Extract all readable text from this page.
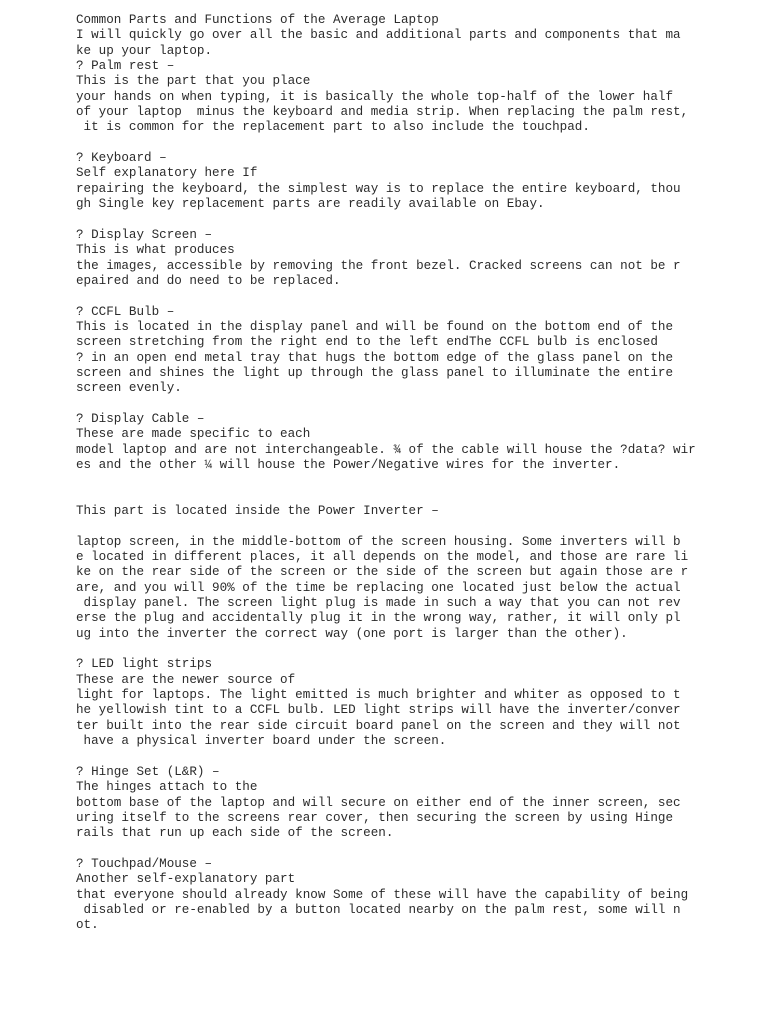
Common Parts and Functions of the Average Laptop
I will quickly go over all the basic and additional parts and components that ma
ke up your laptop.
? Palm rest –
This is the part that you place
your hands on when typing, it is basically the whole top-half of the lower half
of your laptop  minus the keyboard and media strip. When replacing the palm rest,
it is common for the replacement part to also include the touchpad.
? Keyboard –
Self explanatory here If
repairing the keyboard, the simplest way is to replace the entire keyboard, thou
gh Single key replacement parts are readily available on Ebay.
? Display Screen –
This is what produces
the images, accessible by removing the front bezel. Cracked screens can not be r
epaired and do need to be replaced.
? CCFL Bulb –
This is located in the display panel and will be found on the bottom end of the
screen stretching from the right end to the left endThe CCFL bulb is enclosed
? in an open end metal tray that hugs the bottom edge of the glass panel on the
screen and shines the light up through the glass panel to illuminate the entire
screen evenly.
? Display Cable –
These are made specific to each
model laptop and are not interchangeable. ¾ of the cable will house the ?data? wir
es and the other ¼ will house the Power/Negative wires for the inverter.
This part is located inside the Power Inverter –
laptop screen, in the middle-bottom of the screen housing. Some inverters will b
e located in different places, it all depends on the model, and those are rare li
ke on the rear side of the screen or the side of the screen but again those are r
are, and you will 90% of the time be replacing one located just below the actual
display panel. The screen light plug is made in such a way that you can not rev
erse the plug and accidentally plug it in the wrong way, rather, it will only pl
ug into the inverter the correct way (one port is larger than the other).
? LED light strips
These are the newer source of
light for laptops. The light emitted is much brighter and whiter as opposed to t
he yellowish tint to a CCFL bulb. LED light strips will have the inverter/conver
ter built into the rear side circuit board panel on the screen and they will not
have a physical inverter board under the screen.
? Hinge Set (L&R) –
The hinges attach to the
bottom base of the laptop and will secure on either end of the inner screen, sec
uring itself to the screens rear cover, then securing the screen by using Hinge
rails that run up each side of the screen.
? Touchpad/Mouse –
Another self-explanatory part
that everyone should already know Some of these will have the capability of being
disabled or re-enabled by a button located nearby on the palm rest, some will n
ot.
